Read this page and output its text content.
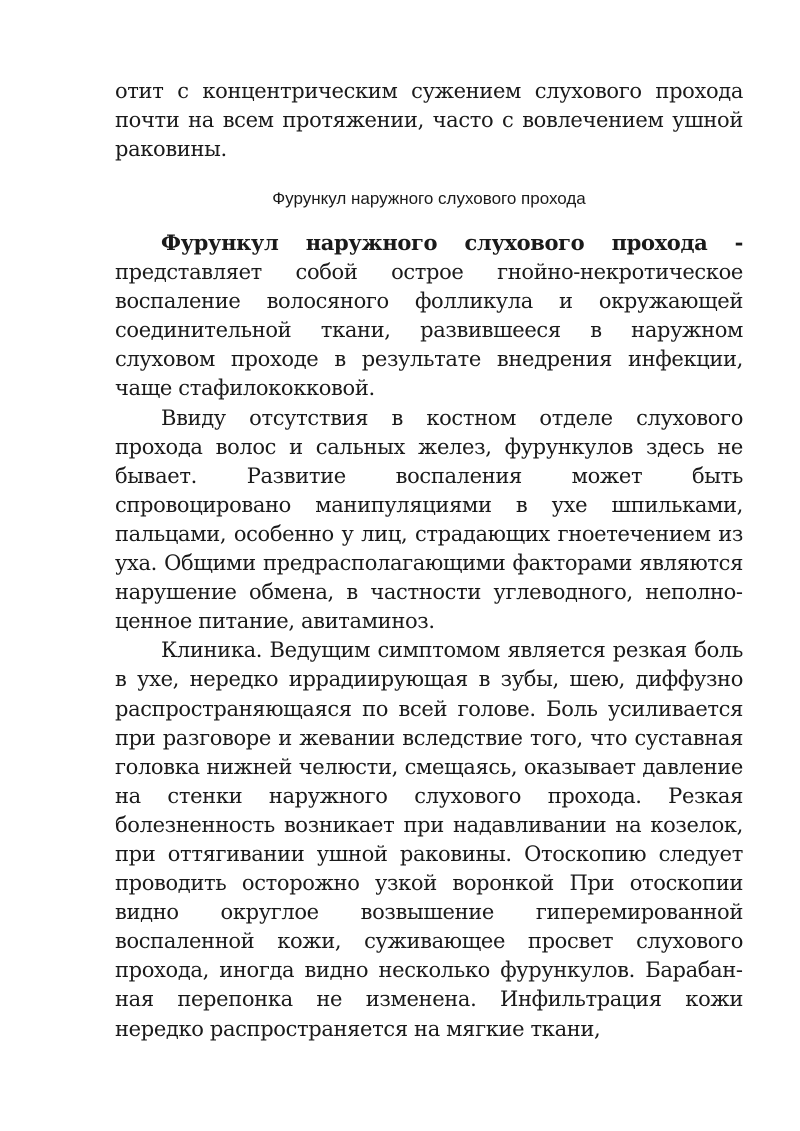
отит с концентрическим сужением слухового прохода почти на всем протяжении, часто с вовлечением ушной раковины.

Фурункул наружного слухового прохода

Фурункул наружного слухового прохода - представляет собой острое гнойно-некротическое воспаление волосяного фолликула и окружающей соединительной ткани, развившееся в наружном слуховом проходе в результате внедрения инфекции, чаще стафилококковой.

Ввиду отсутствия в костном отделе слухового прохода волос и сальных желез, фурункулов здесь не бывает. Развитие воспаления может быть спровоцировано манипуляциями в ухе шпильками, пальцами, особенно у лиц, страдающих гноетечением из уха. Общими предрасполагающими факторами являются нарушение обмена, в частности углеводного, неполноценное питание, авитаминоз.

Клиника. Ведущим симптомом является резкая боль в ухе, нередко иррадиирующая в зубы, шею, диффузно распространяющаяся по всей голове. Боль усиливается при разговоре и жевании вследствие того, что суставная головка нижней челюсти, смещаясь, оказывает давление на стенки наружного слухового прохода. Резкая болезненность возникает при надавливании на козелок, при оттягивании ушной раковины. Отоскопию следует проводить осторожно узкой воронкой При отоскопии видно округлое возвышение гиперемированной воспаленной кожи, суживающее просвет слухового прохода, иногда видно несколько фурункулов. Барабанная перепонка не изменена. Инфильтрация кожи нередко распространяется на мягкие ткани,
